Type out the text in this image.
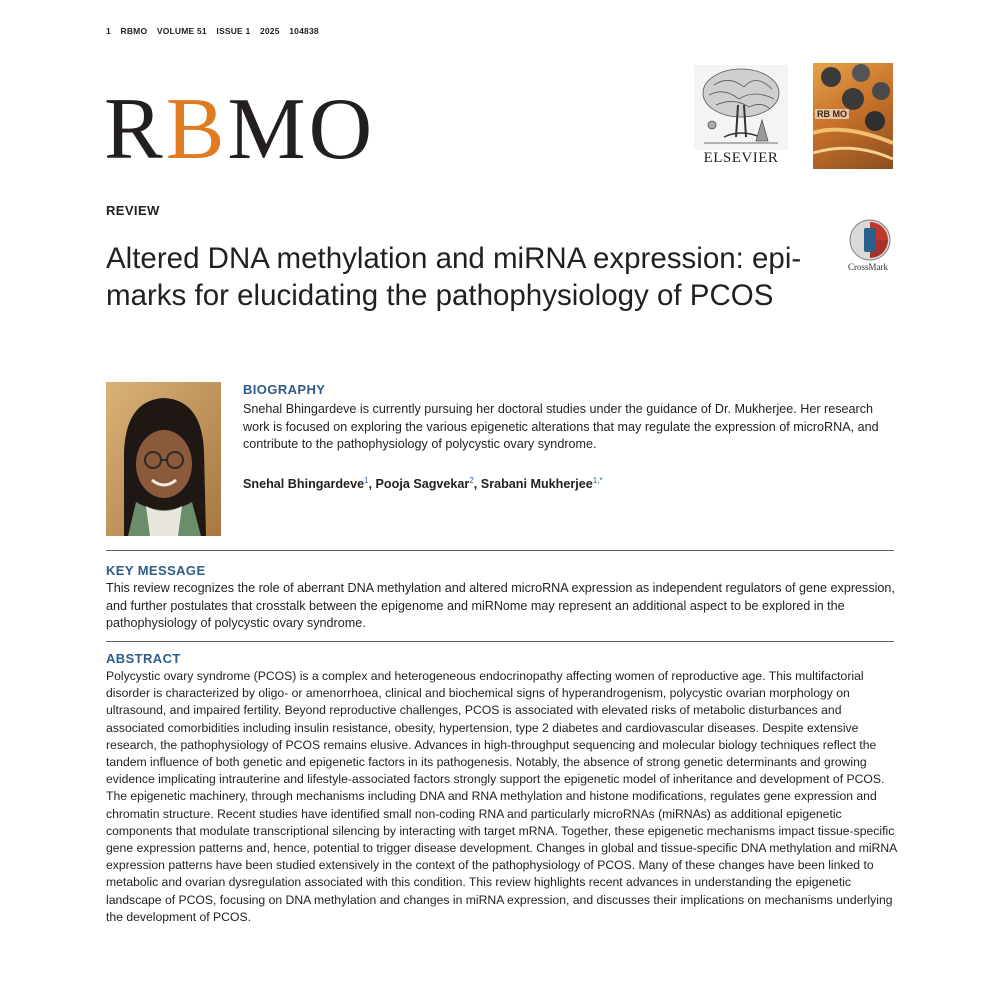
1 RBMO VOLUME 51 ISSUE 1 2025 104838
RBMO	ELSEVIER
RB MO
REVIEW
CrossMark
Altered DNA methylation and miRNA expression: epi-marks for elucidating the pathophysiology of PCOS
BIOGRAPHY
Snehal Bhingardeve is currently pursuing her doctoral studies under the guidance of Dr. Mukherjee. Her research work is focused on exploring the various epigenetic alterations that may regulate the expression of microRNA, and contribute to the pathophysiology of polycystic ovary syndrome.
Snehal Bhingardeve$^1$, Pooja Sagvekar$^2$, Srabani Mukherjee$^{1,*}$
KEY MESSAGE
This review recognizes the role of aberrant DNA methylation and altered microRNA expression as independent regulators of gene expression, and further postulates that crosstalk between the epigenome and miRNome may represent an additional aspect to be explored in the pathophysiology of polycystic ovary syndrome.
ABSTRACT
Polycystic ovary syndrome (PCOS) is a complex and heterogeneous endocrinopathy affecting women of reproductive age. This multifactorial disorder is characterized by oligo- or amenorrhoea, clinical and biochemical signs of hyperandrogenism, polycystic ovarian morphology on ultrasound, and impaired fertility. Beyond reproductive challenges, PCOS is associated with elevated risks of metabolic disturbances and associated comorbidities including insulin resistance, obesity, hypertension, type 2 diabetes and cardiovascular diseases. Despite extensive research, the pathophysiology of PCOS remains elusive. Advances in high-throughput sequencing and molecular biology techniques reflect the tandem influence of both genetic and epigenetic factors in its pathogenesis. Notably, the absence of strong genetic determinants and growing evidence implicating intrauterine and lifestyle-associated factors strongly support the epigenetic model of inheritance and development of PCOS. The epigenetic machinery, through mechanisms including DNA and RNA methylation and histone modifications, regulates gene expression and chromatin structure. Recent studies have identified small non-coding RNA and particularly microRNAs (miRNAs) as additional epigenetic components that modulate transcriptional silencing by interacting with target mRNA. Together, these epigenetic mechanisms impact tissue-specific gene expression patterns and, hence, potential to trigger disease development. Changes in global and tissue-specific DNA methylation and miRNA expression patterns have been studied extensively in the context of the pathophysiology of PCOS. Many of these changes have been linked to metabolic and ovarian dysregulation associated with this condition. This review highlights recent advances in understanding the epigenetic landscape of PCOS, focusing on DNA methylation and changes in miRNA expression, and discusses their implications on mechanisms underlying the development of PCOS.
